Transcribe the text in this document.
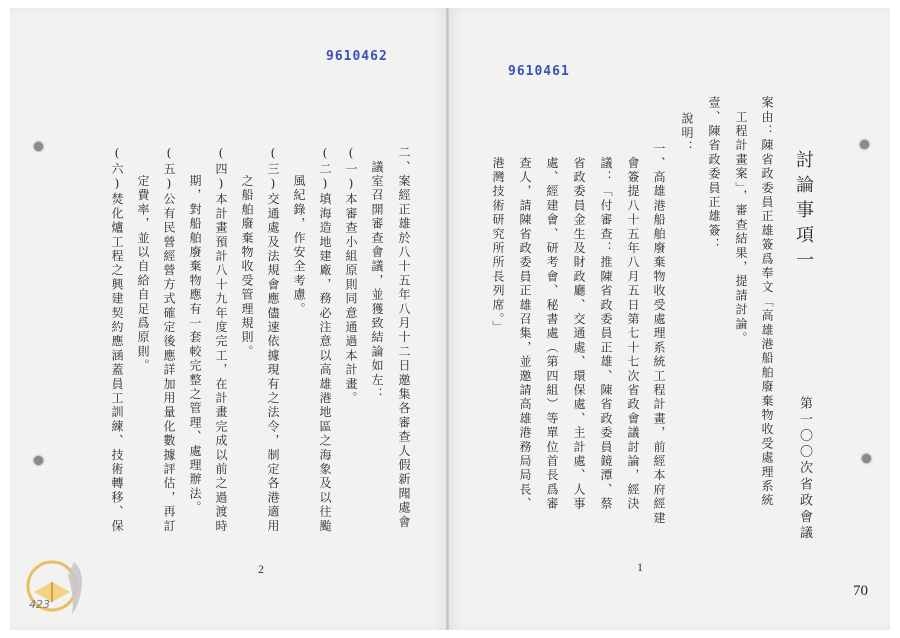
9610461
討論事項一
第一〇〇次省政會議
案由：陳省政委員正雄簽爲奉文「高雄港船舶廢棄物收受處理系統
　工程計畫案」，審查結果，提請討論。
壹、陳省政委員正雄簽：
說明：
一、高雄港船舶廢棄物收受處理系統工程計畫，前經本府經建
　會簽提八十五年八月五日第七十七次省政會議討論，經決
　議：「付審查：推陳省政委員正雄、陳省政委員鏡潭、蔡
　省政委員金生及財政廳、交通處、環保處、主計處、人事
　處、經建會、研考會、秘書處（第四組）等單位首長爲審
　查人，請陳省政委員正雄召集，並邀請高雄港務局局長、
　港灣技術研究所所長列席。」
1
70
9610462
二、案經正雄於八十五年八月十二日邀集各審查人假新聞處會
　議室召開審查會議，並獲致結論如左：
(一)本審查小組原則同意通過本計畫。
(二)填海造地建廠，務必注意以高雄港地區之海象及以往颱
　　風紀錄，作安全考慮。
(三)交通處及法規會應儘速依據現有之法令，制定各港適用
　　之船舶廢棄物收受管理規則。
(四)本計畫預計八十九年度完工，在計畫完成以前之過渡時
　　期，對船舶廢棄物應有一套較完整之管理、處理辦法。
(五)公有民營經營方式確定後應詳加用量化數據評估，再訂
　　定費率，並以自給自足爲原則。
(六)焚化爐工程之興建契約應涵蓋員工訓練、技術轉移、保
2
423
